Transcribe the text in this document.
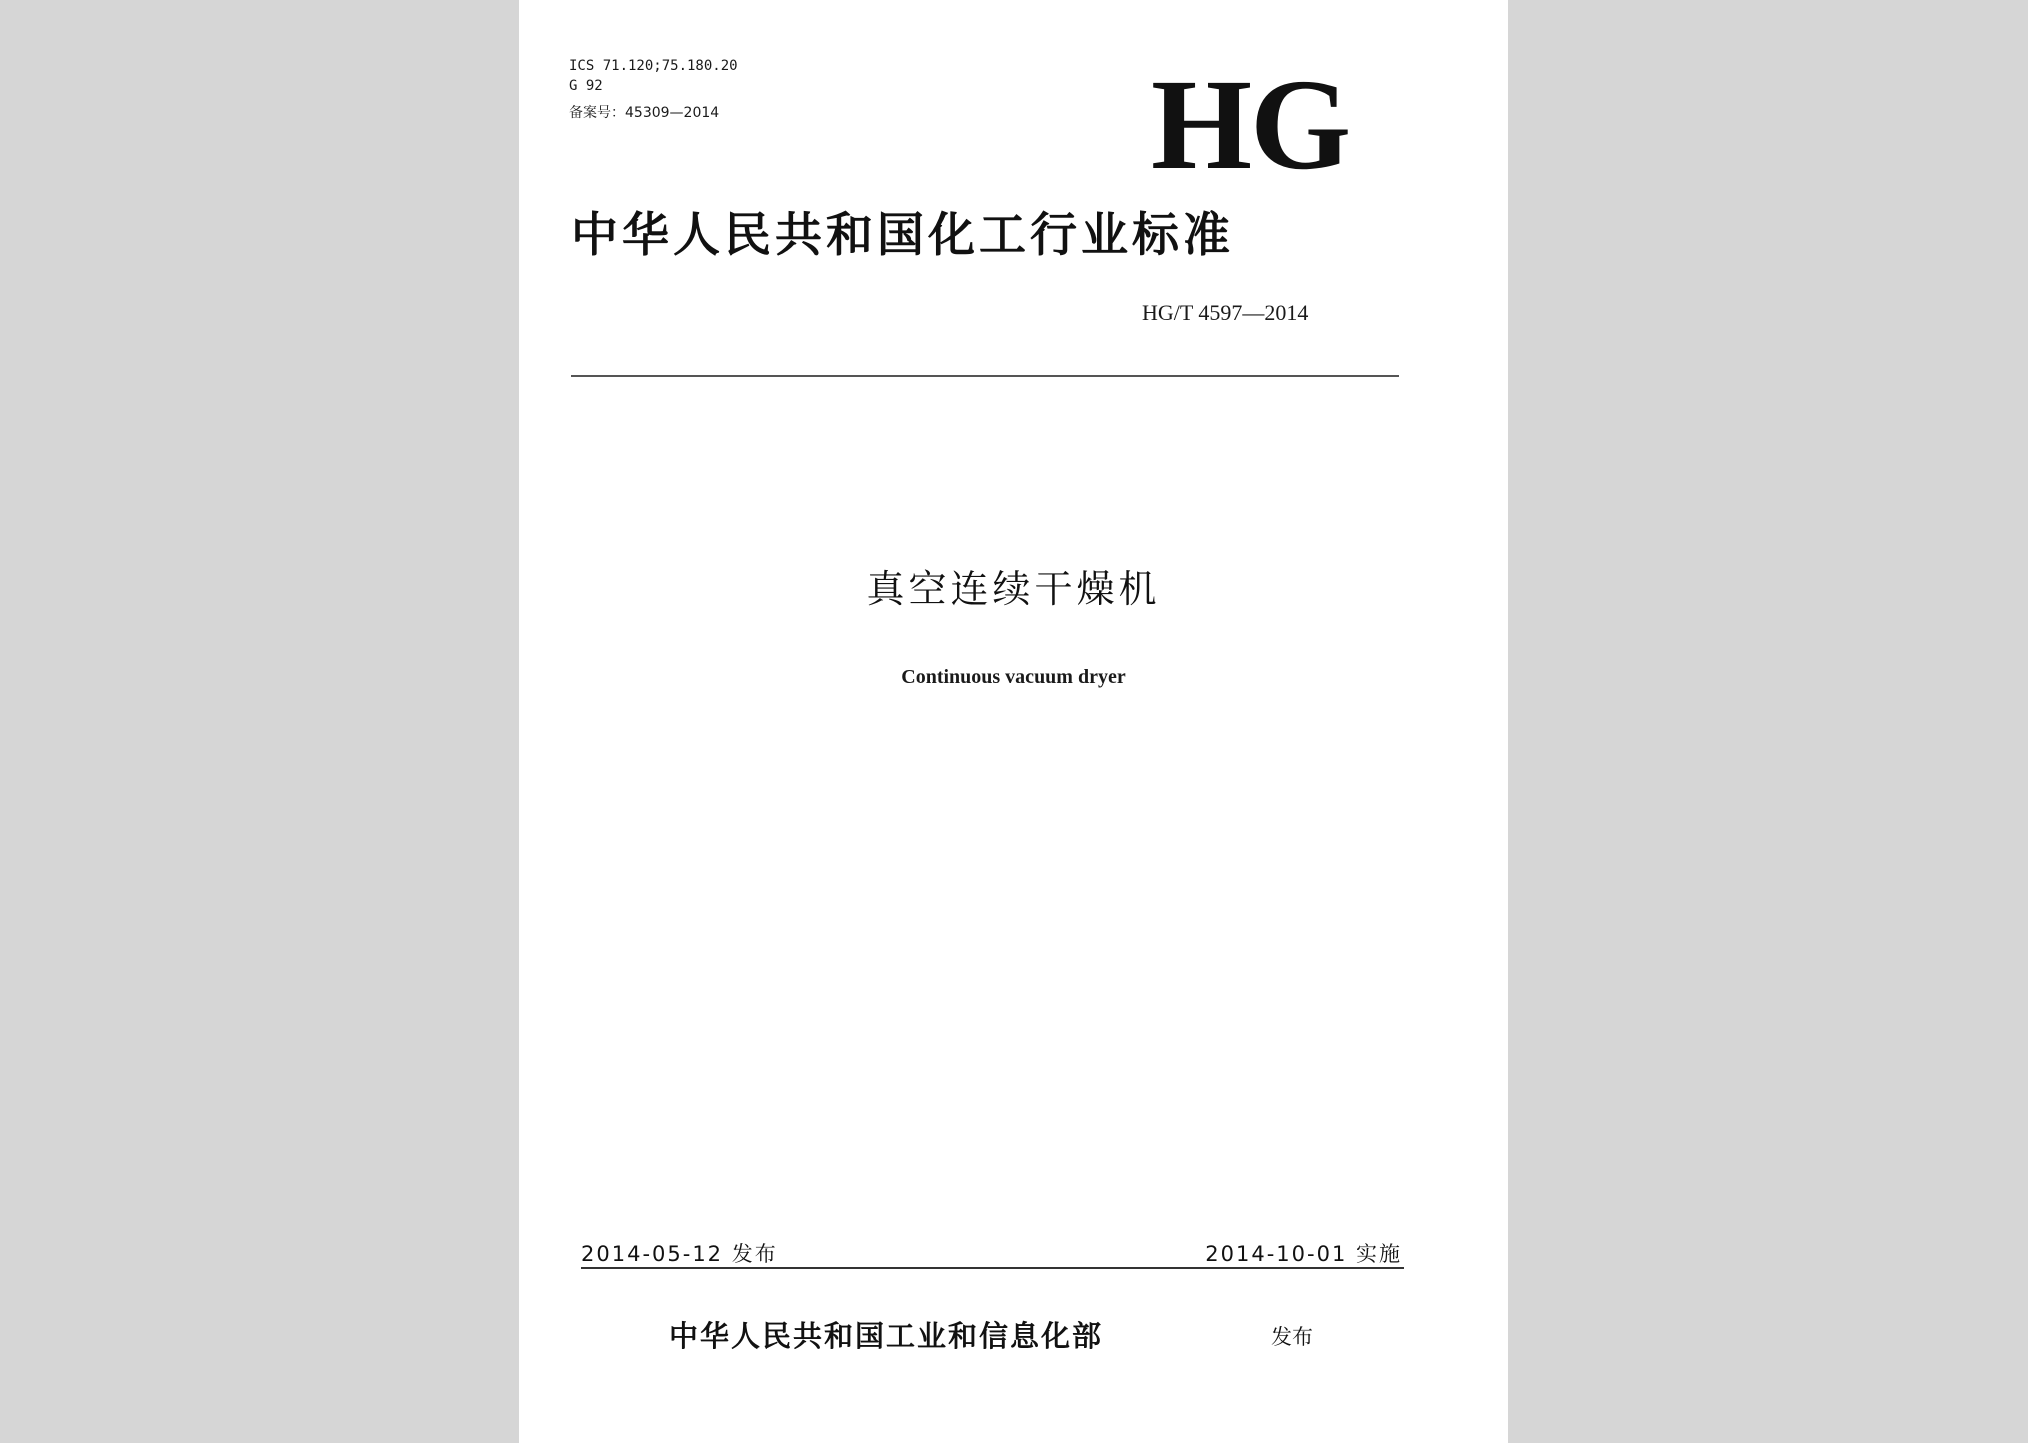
ICS 71.120;75.180.20
G 92
备案号：45309—2014	HG
中华人民共和国化工行业标准
HG/T 4597—2014
真空连续干燥机
Continuous vacuum dryer
2014-05-12 发布	2014-10-01 实施
中华人民共和国工业和信息化部	发布
